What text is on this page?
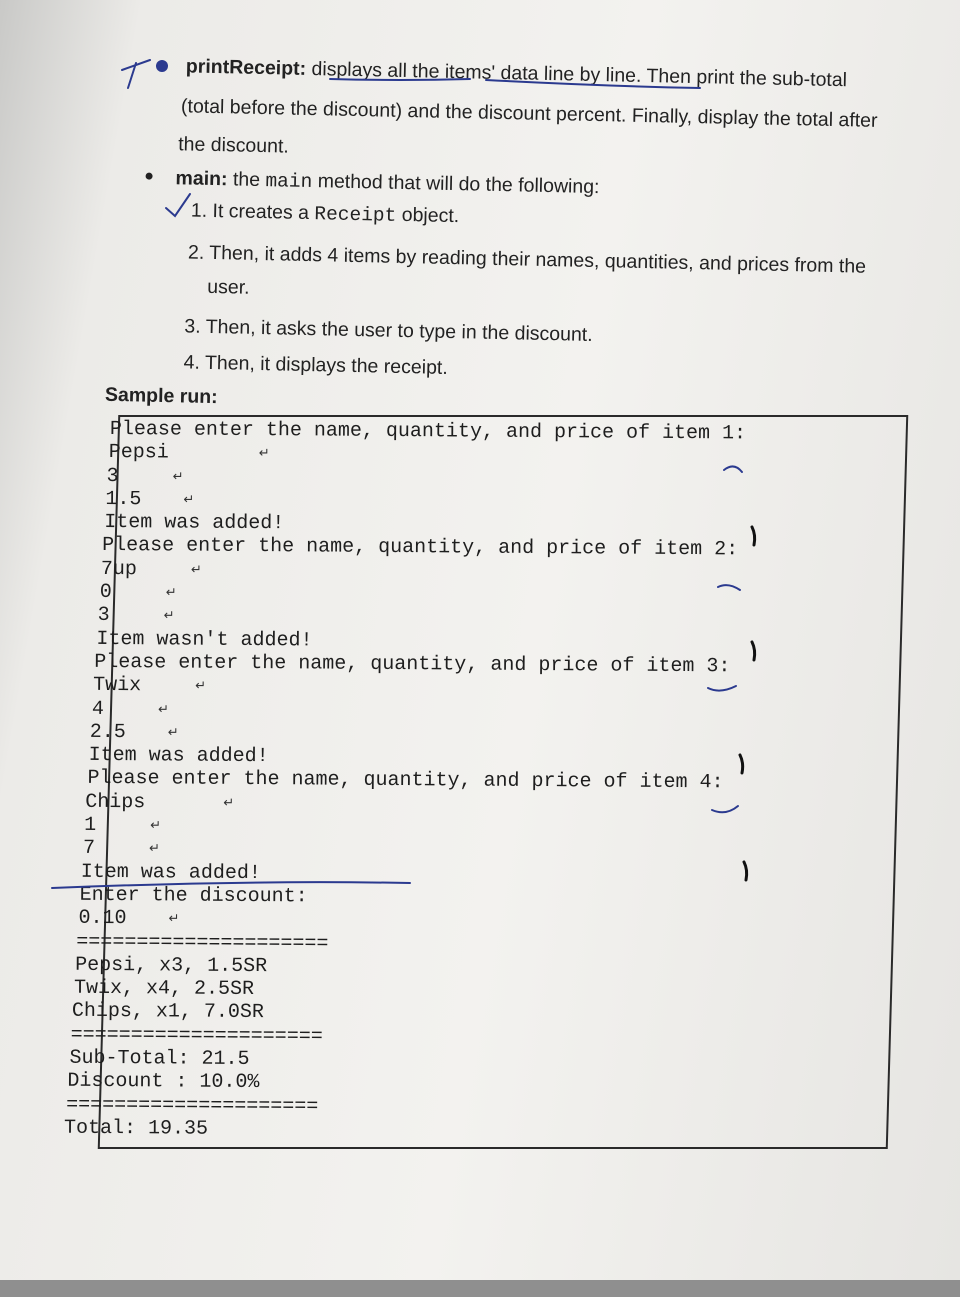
printReceipt: displays all the items' data line by line. Then print the sub-total
(total before the discount) and the discount percent. Finally, display the total after
the discount.
main: the main method that will do the following:
1. It creates a Receipt object.
2. Then, it adds 4 items by reading their names, quantities, and prices from the
user.
3. Then, it asks the user to type in the discount.
4. Then, it displays the receipt.
Sample run:
Please enter the name, quantity, and price of item 1:
Pepsi	↵
3	↵
1.5	↵
Item was added!
Please enter the name, quantity, and price of item 2:
7up	↵
0	↵
3	↵
Item wasn't added!
Please enter the name, quantity, and price of item 3:
Twix	↵
4	↵
2.5	↵
Item was added!
Please enter the name, quantity, and price of item 4:
Chips	↵
1	↵
7	↵
Item was added!
Enter the discount:
0.10	↵
=====================
Pepsi, x3, 1.5SR
Twix, x4, 2.5SR
Chips, x1, 7.0SR
=====================
Sub-Total: 21.5
Discount : 10.0%
=====================
Total: 19.35
